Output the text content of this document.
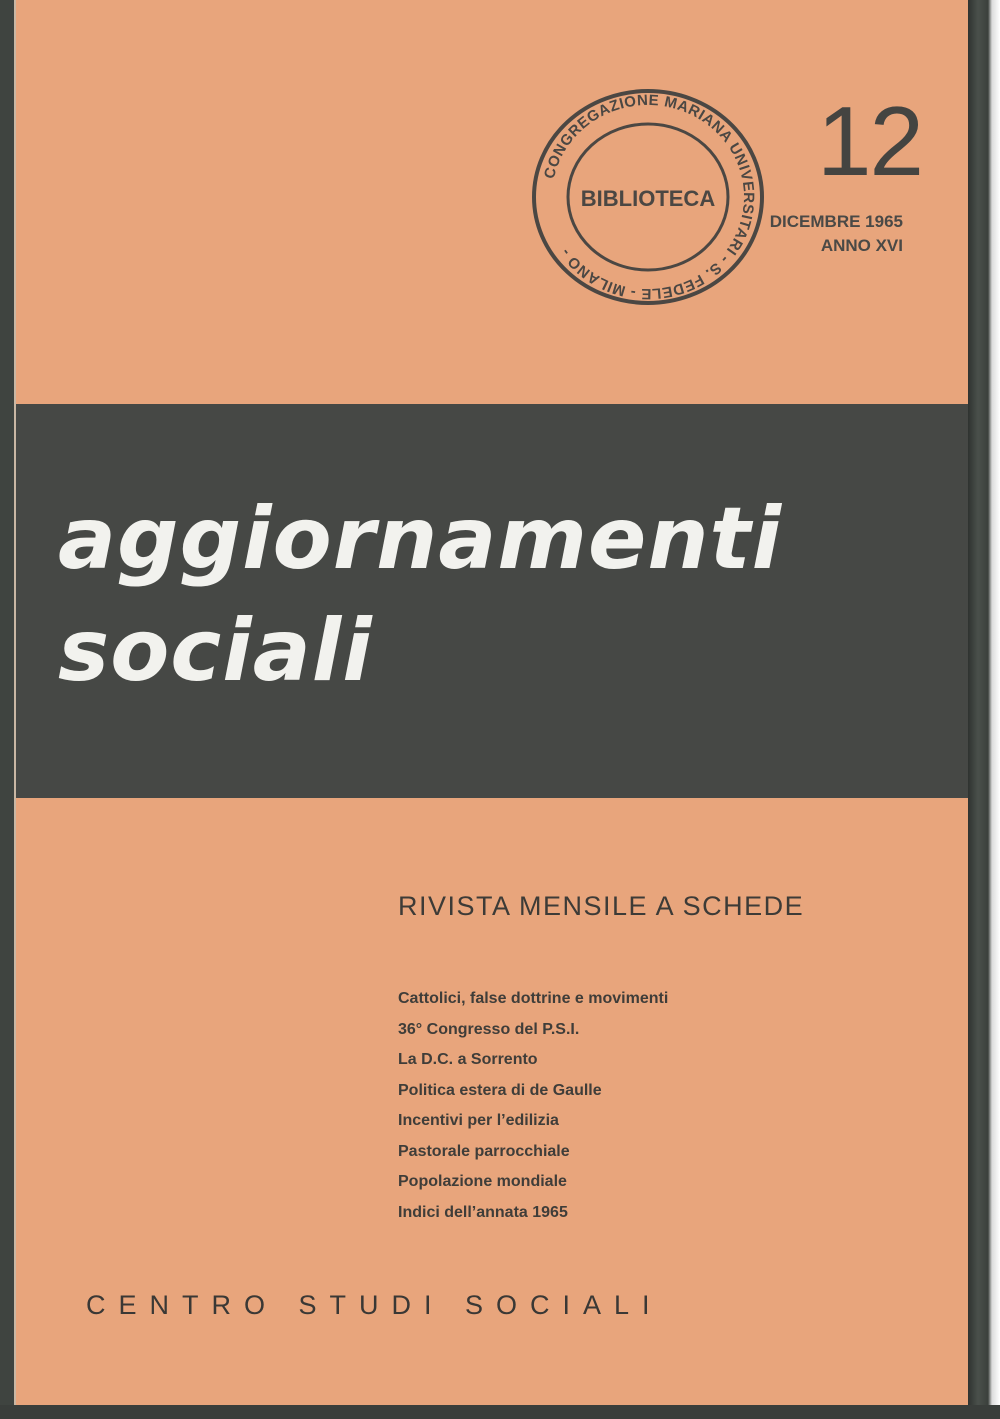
CONGREGAZIONE MARIANA UNIVERSITARI - S. FEDELE - MILANO -
BIBLIOTECA
12
DICEMBRE 1965
ANNO XVI
aggiornamenti
sociali
RIVISTA MENSILE A SCHEDE
Cattolici, false dottrine e movimenti
36° Congresso del P.S.I.
La D.C. a Sorrento
Politica estera di de Gaulle
Incentivi per l’edilizia
Pastorale parrocchiale
Popolazione mondiale
Indici dell’annata 1965
CENTRO STUDI SOCIALI
